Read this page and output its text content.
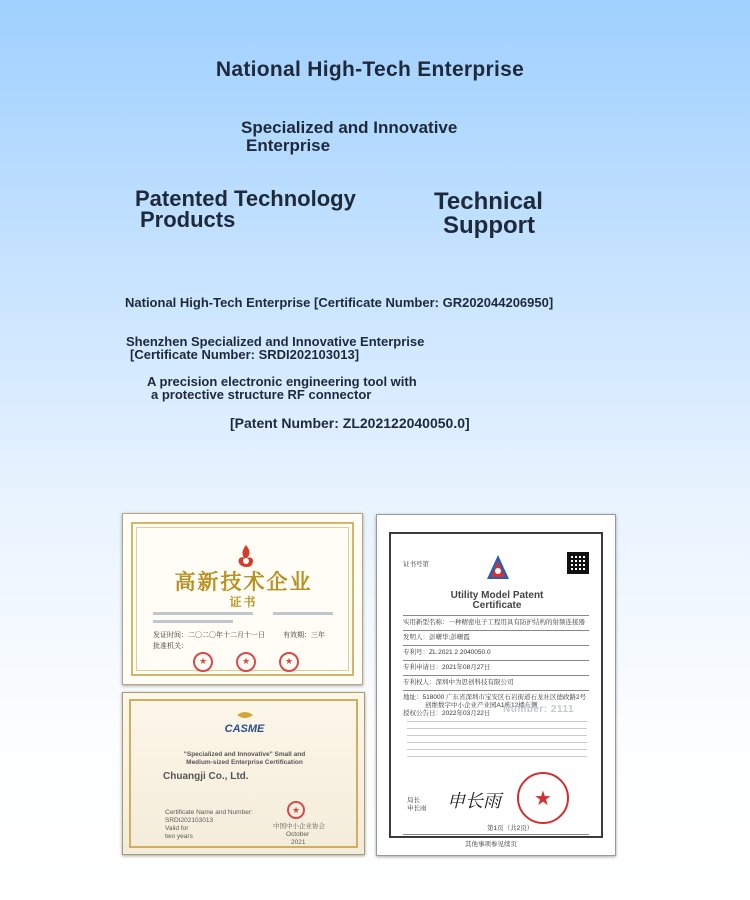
National High-Tech Enterprise
Specialized and Innovative
Enterprise
Patented Technology
Products
Technical
Support
National High-Tech Enterprise [Certificate Number: GR202044206950]
Shenzhen Specialized and Innovative Enterprise
[Certificate Number: SRDI202103013]
A precision electronic engineering tool with
a protective structure RF connector
[Patent Number: ZL202122040050.0]
高新技术企业
证书
发证时间：二〇二〇年十二月十一日	有效期：三年
批准机关：
★
★
★
CASME
"Specialized and Innovative" Small and
Medium-sized Enterprise Certification
Chuangji Co., Ltd.
Certificate Name and Number:
SRDI202103013
Valid for
two years
★
中国中小企业协会
October
2021
证书号第
Utility Model Patent
Certificate
实用新型名称：一种精密电子工程用具有防护结构的射频连接器
发明人：彭曙华;彭曙霞
专利号：ZL 2021 2 2040050.0
专利申请日：2021年08月27日
专利权人：深圳中为思创科技有限公司
地址：518000 广东省深圳市宝安区石岩街道石龙社区德政路2号
创维数字中小企业产业园A1栋12楼东侧
授权公告日：2022年03月22日 Number: 2111
局长
申长雨 申长雨
★
第1页（共2页）
其他事项参见续页
